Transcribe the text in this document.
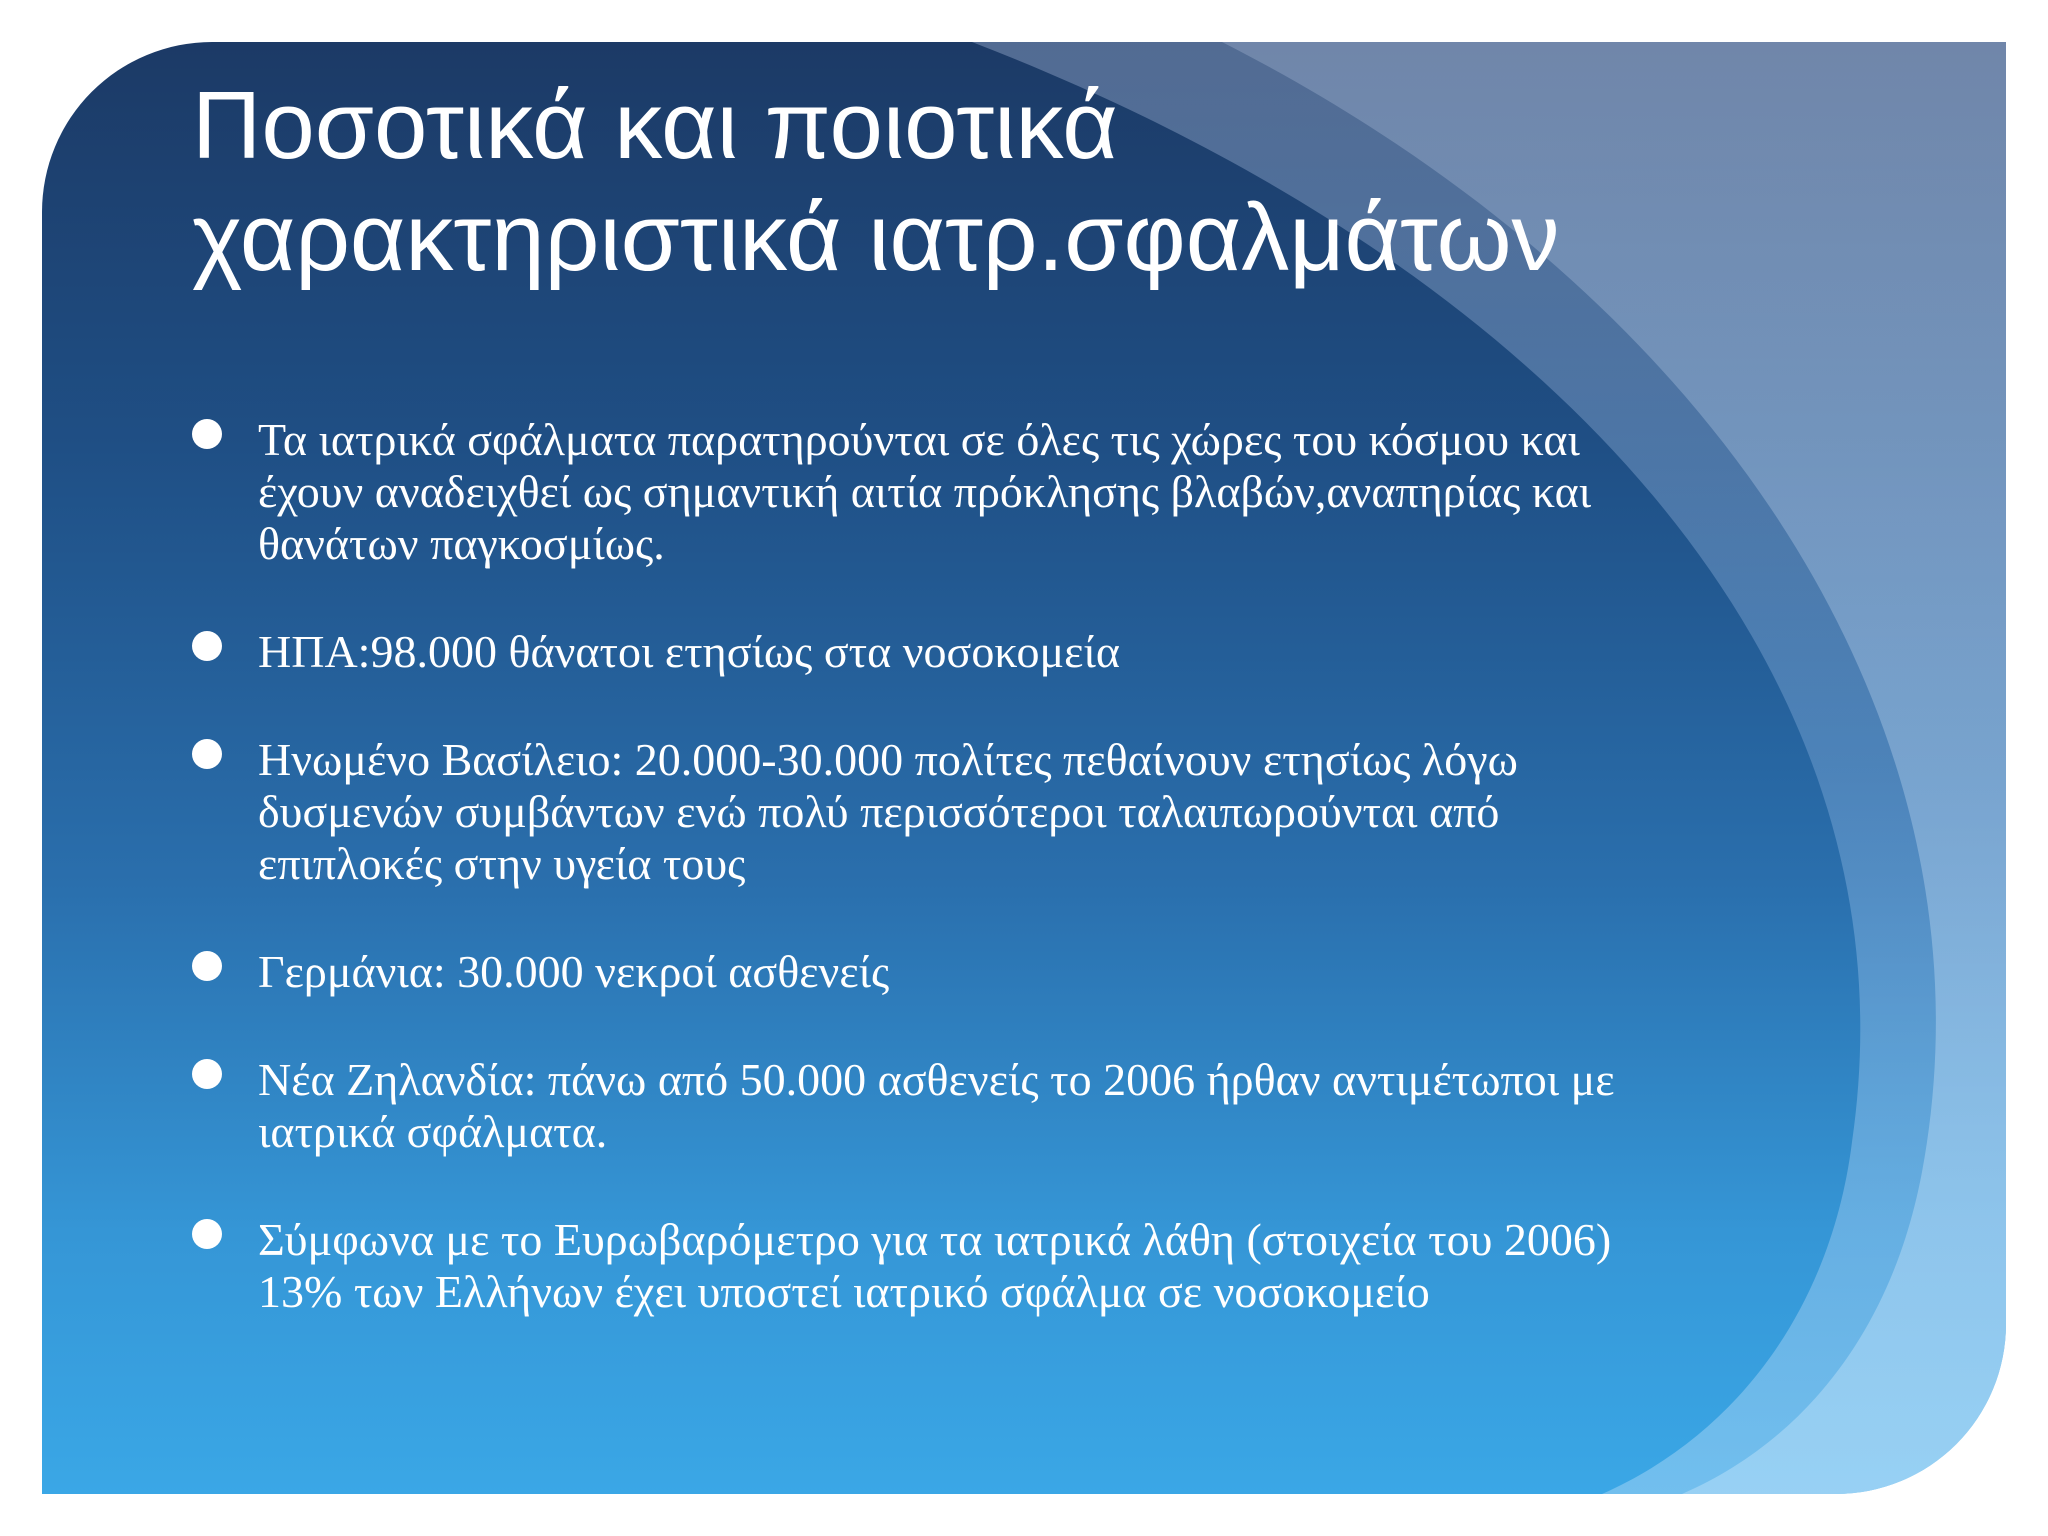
Ποσοτικά και ποιοτικά
χαρακτηριστικά ιατρ.σφαλμάτων
Τα ιατρικά σφάλματα παρατηρούνται σε όλες τις χώρες του κόσμου και
έχουν αναδειχθεί ως σημαντική αιτία πρόκλησης βλαβών,αναπηρίας και
θανάτων παγκοσμίως.
ΗΠΑ:98.000 θάνατοι ετησίως στα νοσοκομεία
Ηνωμένο Βασίλειο: 20.000-30.000 πολίτες πεθαίνουν ετησίως λόγω
δυσμενών συμβάντων ενώ πολύ περισσότεροι ταλαιπωρούνται από
επιπλοκές στην υγεία τους
Γερμάνια: 30.000 νεκροί ασθενείς
Νέα Ζηλανδία: πάνω από 50.000 ασθενείς το 2006 ήρθαν αντιμέτωποι με
ιατρικά σφάλματα.
Σύμφωνα με το Ευρωβαρόμετρο για τα ιατρικά λάθη (στοιχεία του 2006)
13% των Ελλήνων έχει υποστεί ιατρικό σφάλμα σε νοσοκομείο
